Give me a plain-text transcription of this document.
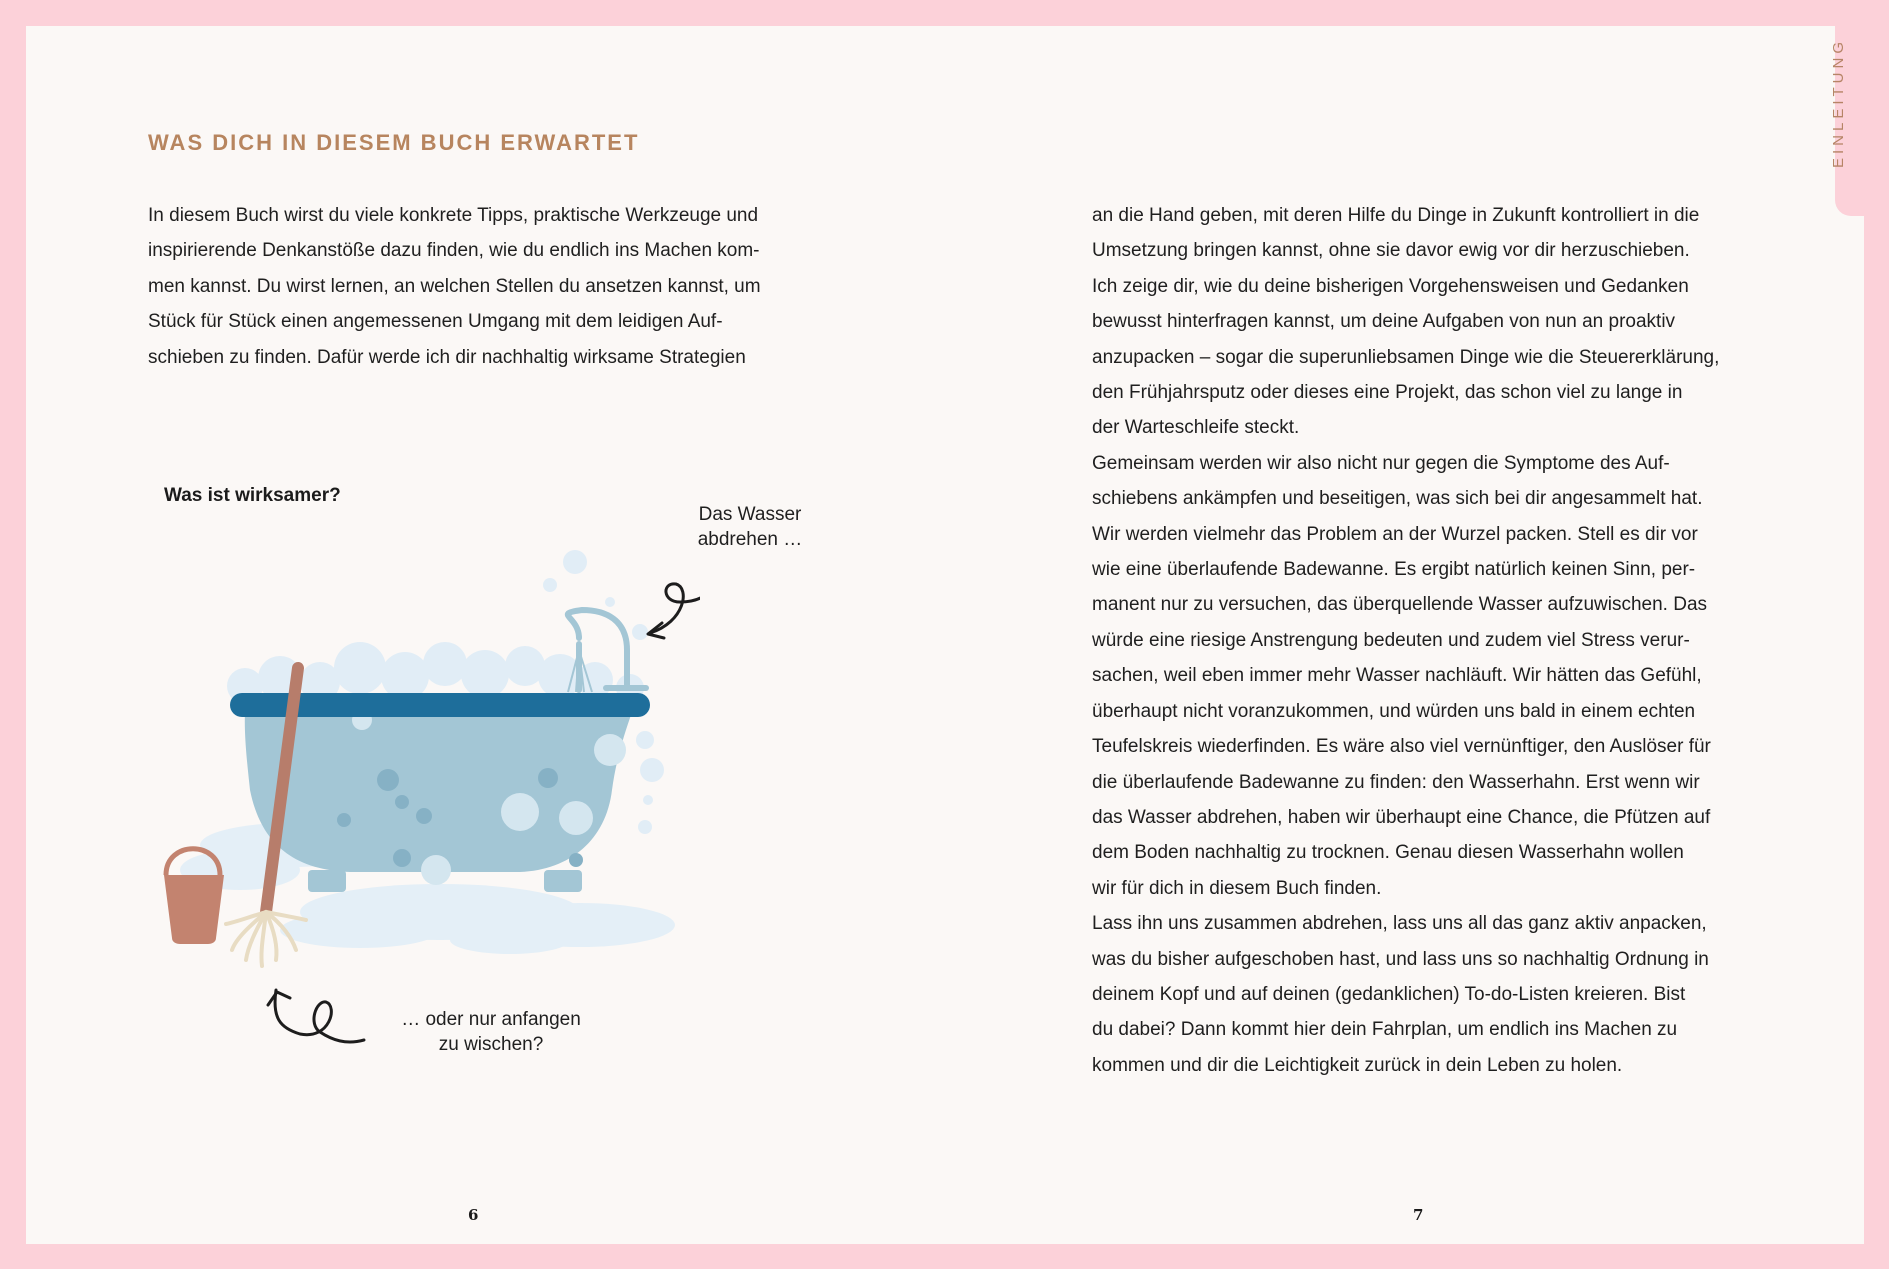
EINLEITUNG
WAS DICH IN DIESEM BUCH ERWARTET

In diesem Buch wirst du viele konkrete Tipps, praktische Werkzeuge und
inspirierende Denkanstöße dazu finden, wie du endlich ins Machen kom-
men kannst. Du wirst lernen, an welchen Stellen du ansetzen kannst, um
Stück für Stück einen angemessenen Umgang mit dem leidigen Auf-
schieben zu finden. Dafür werde ich dir nachhaltig wirksame Strategien

an die Hand geben, mit deren Hilfe du Dinge in Zukunft kontrolliert in die
Umsetzung bringen kannst, ohne sie davor ewig vor dir herzuschieben.
Ich zeige dir, wie du deine bisherigen Vorgehensweisen und Gedanken
bewusst hinterfragen kannst, um deine Aufgaben von nun an proaktiv
anzupacken – sogar die superunliebsamen Dinge wie die Steuererklärung,
den Frühjahrsputz oder dieses eine Projekt, das schon viel zu lange in
der Warteschleife steckt.

Gemeinsam werden wir also nicht nur gegen die Symptome des Auf-
schiebens ankämpfen und beseitigen, was sich bei dir angesammelt hat.
Wir werden vielmehr das Problem an der Wurzel packen. Stell es dir vor
wie eine überlaufende Badewanne. Es ergibt natürlich keinen Sinn, per-
manent nur zu versuchen, das überquellende Wasser aufzuwischen. Das
würde eine riesige Anstrengung bedeuten und zudem viel Stress verur-
sachen, weil eben immer mehr Wasser nachläuft. Wir hätten das Gefühl,
überhaupt nicht voranzukommen, und würden uns bald in einem echten
Teufelskreis wiederfinden. Es wäre also viel vernünftiger, den Auslöser für
die überlaufende Badewanne zu finden: den Wasserhahn. Erst wenn wir
das Wasser abdrehen, haben wir überhaupt eine Chance, die Pfützen auf
dem Boden nachhaltig zu trocknen. Genau diesen Wasserhahn wollen
wir für dich in diesem Buch finden.

Lass ihn uns zusammen abdrehen, lass uns all das ganz aktiv anpacken,
was du bisher aufgeschoben hast, und lass uns so nachhaltig Ordnung in
deinem Kopf und auf deinen (gedanklichen) To-do-Listen kreieren. Bist
du dabei? Dann kommt hier dein Fahrplan, um endlich ins Machen zu
kommen und dir die Leichtigkeit zurück in dein Leben zu holen.

Was ist wirksamer?
Das Wasser
abdrehen …
… oder nur anfangen
zu wischen?
6	7
